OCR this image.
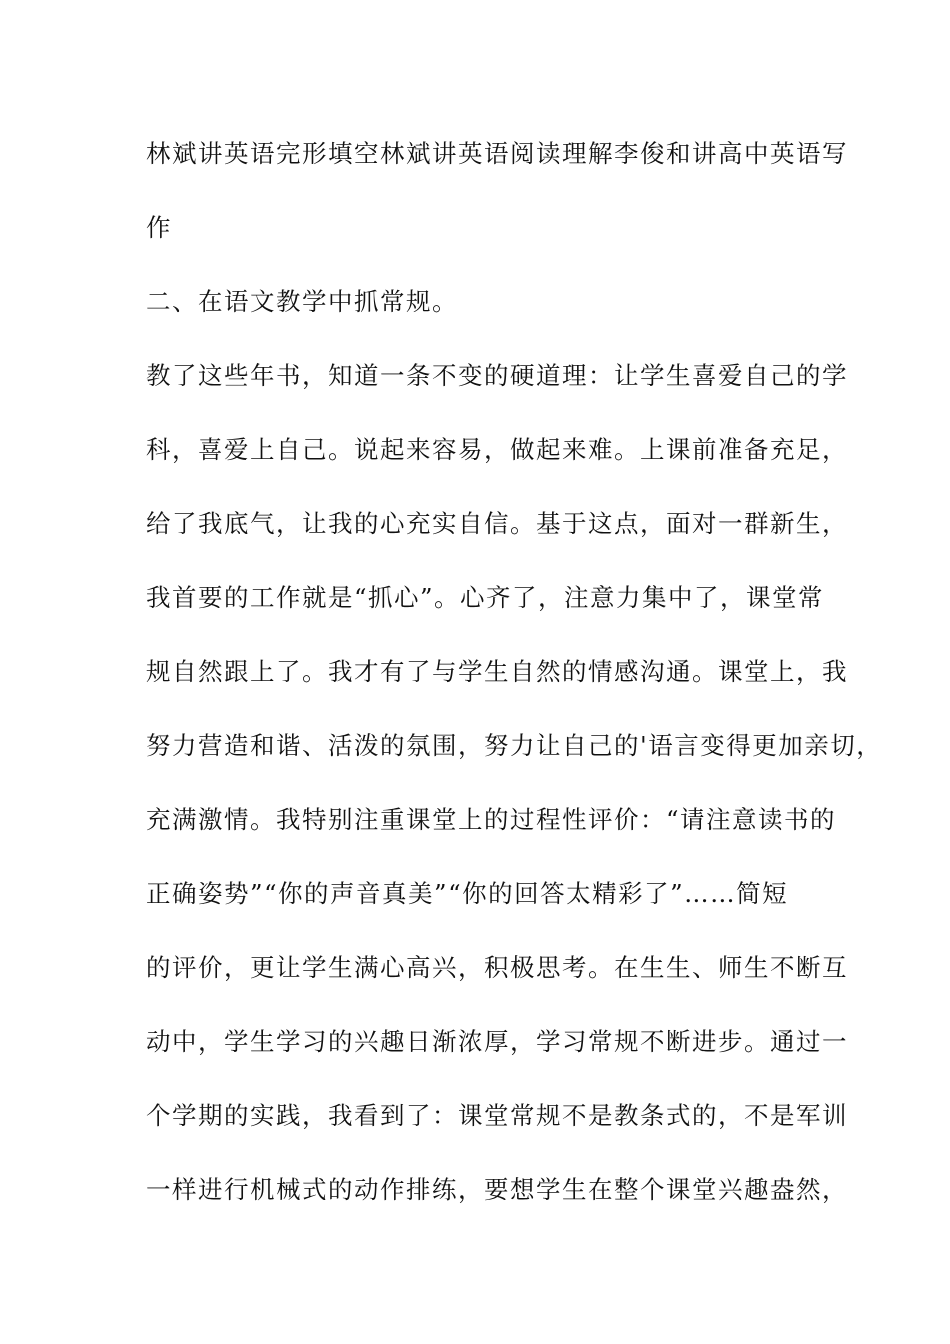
林斌讲英语完形填空林斌讲英语阅读理解李俊和讲高中英语写
作
二、在语文教学中抓常规。
教了这些年书，知道一条不变的硬道理：让学生喜爱自己的学
科，喜爱上自己。说起来容易，做起来难。上课前准备充足，
给了我底气，让我的心充实自信。基于这点，面对一群新生，
我首要的工作就是“抓心”。心齐了，注意力集中了，课堂常
规自然跟上了。我才有了与学生自然的情感沟通。课堂上，我
努力营造和谐、活泼的氛围，努力让自己的'语言变得更加亲切，
充满激情。我特别注重课堂上的过程性评价：“请注意读书的
正确姿势”“你的声音真美”“你的回答太精彩了”……简短
的评价，更让学生满心高兴，积极思考。在生生、师生不断互
动中，学生学习的兴趣日渐浓厚，学习常规不断进步。通过一
个学期的实践，我看到了：课堂常规不是教条式的，不是军训
一样进行机械式的动作排练，要想学生在整个课堂兴趣盎然，
